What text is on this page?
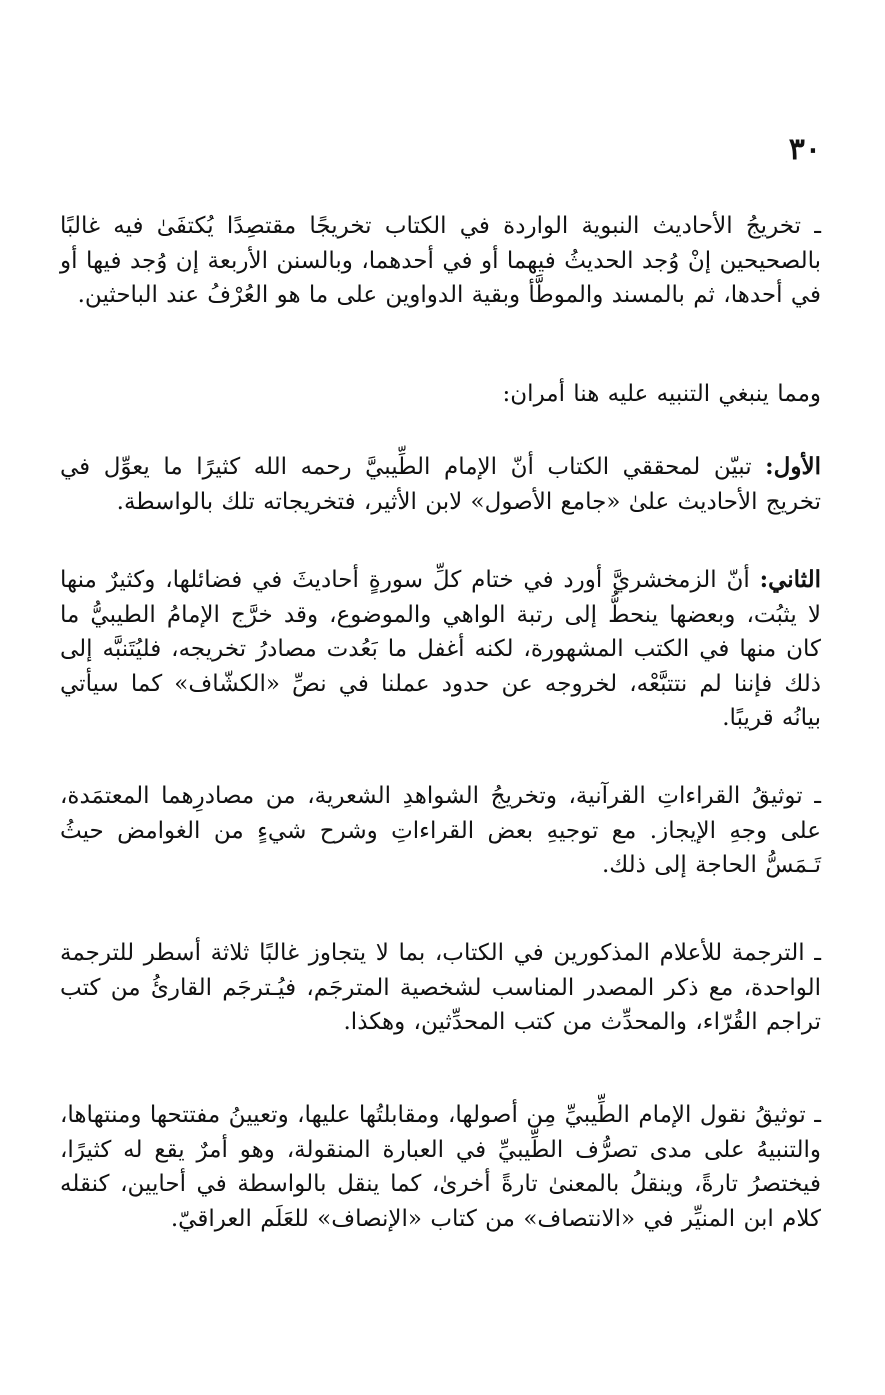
٣٠

ـ تخريجُ الأحاديث النبوية الواردة في الكتاب تخريجًا مقتصِدًا يُكتفَىٰ فيه غالبًا بالصحيحين إنْ وُجد الحديثُ فيهما أو في أحدهما، وبالسنن الأربعة إن وُجد فيها أو في أحدها، ثم بالمسند والموطَّأ وبقية الدواوين على ما هو العُرْفُ عند الباحثين.

ومما ينبغي التنبيه عليه هنا أمران:

الأول: تبيّن لمحققي الكتاب أنّ الإمام الطِّيبيَّ رحمه الله كثيرًا ما يعوِّل في تخريج الأحاديث علىٰ «جامع الأصول» لابن الأثير، فتخريجاته تلك بالواسطة.

الثاني: أنّ الزمخشريَّ أورد في ختام كلِّ سورةٍ أحاديثَ في فضائلها، وكثيرٌ منها لا يثبُت، وبعضها ينحطُّ إلى رتبة الواهي والموضوع، وقد خرَّج الإمامُ الطيبيُّ ما كان منها في الكتب المشهورة، لكنه أغفل ما بَعُدت مصادرُ تخريجه، فليُتَنبَّه إلى ذلك فإننا لم نتتبَّعْه، لخروجه عن حدود عملنا في نصِّ «الكشّاف» كما سيأتي بيانُه قريبًا.

ـ توثيقُ القراءاتِ القرآنية، وتخريجُ الشواهدِ الشعرية، من مصادرِهما المعتمَدة، على وجهِ الإيجاز. مع توجيهِ بعض القراءاتِ وشرح شيءٍ من الغوامض حيثُ تَـمَسُّ الحاجة إلى ذلك.

ـ الترجمة للأعلام المذكورين في الكتاب، بما لا يتجاوز غالبًا ثلاثة أسطر للترجمة الواحدة، مع ذكر المصدر المناسب لشخصية المترجَم، فيُـترجَم القارئُ من كتب تراجم القُرّاء، والمحدِّث من كتب المحدِّثين، وهكذا.

ـ توثيقُ نقول الإمام الطِّيبيِّ مِن أصولها، ومقابلتُها عليها، وتعيينُ مفتتحها ومنتهاها، والتنبيهُ على مدى تصرُّف الطِّيبيِّ في العبارة المنقولة، وهو أمرٌ يقع له كثيرًا، فيختصرُ تارةً، وينقلُ بالمعنىٰ تارةً أخرىٰ، كما ينقل بالواسطة في أحايين، كنقله كلام ابن المنيِّر في «الانتصاف» من كتاب «الإنصاف» للعَلَم العراقيّ.
